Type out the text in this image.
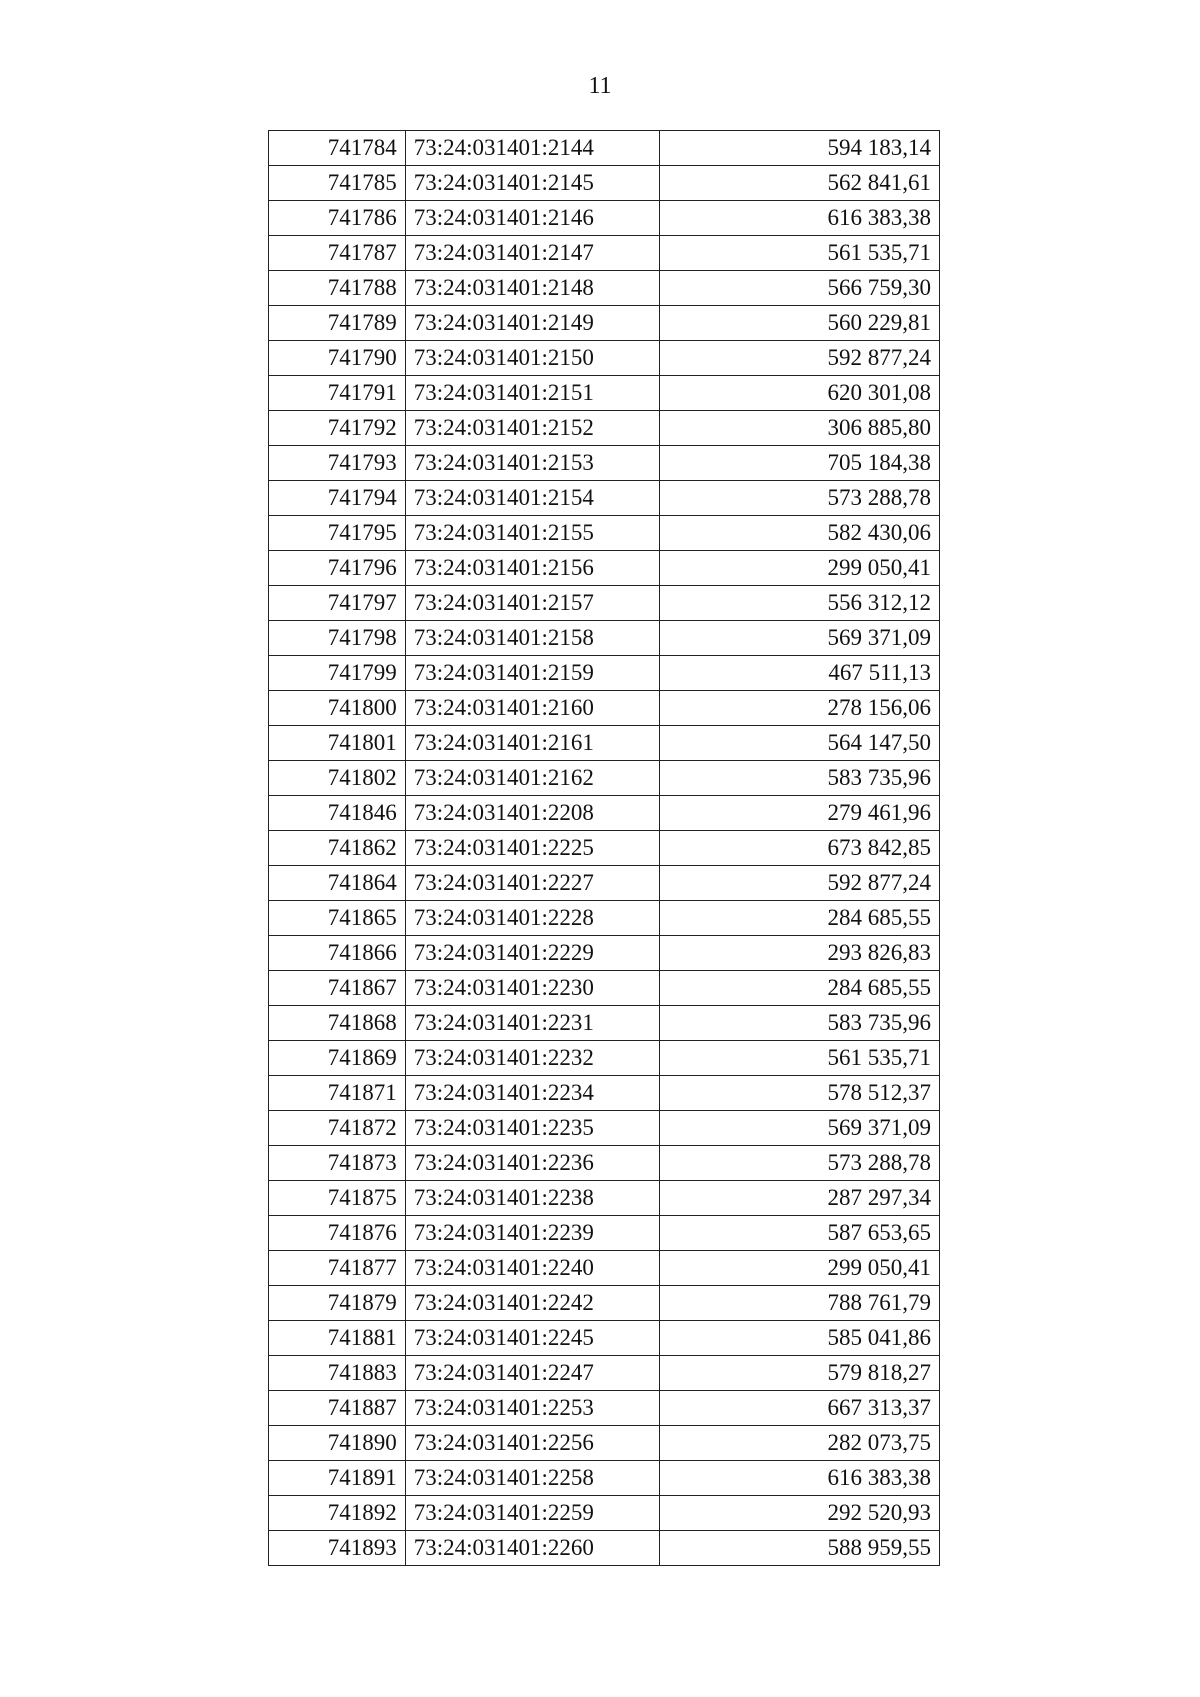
11
741784	73:24:031401:2144	594 183,14
741785	73:24:031401:2145	562 841,61
741786	73:24:031401:2146	616 383,38
741787	73:24:031401:2147	561 535,71
741788	73:24:031401:2148	566 759,30
741789	73:24:031401:2149	560 229,81
741790	73:24:031401:2150	592 877,24
741791	73:24:031401:2151	620 301,08
741792	73:24:031401:2152	306 885,80
741793	73:24:031401:2153	705 184,38
741794	73:24:031401:2154	573 288,78
741795	73:24:031401:2155	582 430,06
741796	73:24:031401:2156	299 050,41
741797	73:24:031401:2157	556 312,12
741798	73:24:031401:2158	569 371,09
741799	73:24:031401:2159	467 511,13
741800	73:24:031401:2160	278 156,06
741801	73:24:031401:2161	564 147,50
741802	73:24:031401:2162	583 735,96
741846	73:24:031401:2208	279 461,96
741862	73:24:031401:2225	673 842,85
741864	73:24:031401:2227	592 877,24
741865	73:24:031401:2228	284 685,55
741866	73:24:031401:2229	293 826,83
741867	73:24:031401:2230	284 685,55
741868	73:24:031401:2231	583 735,96
741869	73:24:031401:2232	561 535,71
741871	73:24:031401:2234	578 512,37
741872	73:24:031401:2235	569 371,09
741873	73:24:031401:2236	573 288,78
741875	73:24:031401:2238	287 297,34
741876	73:24:031401:2239	587 653,65
741877	73:24:031401:2240	299 050,41
741879	73:24:031401:2242	788 761,79
741881	73:24:031401:2245	585 041,86
741883	73:24:031401:2247	579 818,27
741887	73:24:031401:2253	667 313,37
741890	73:24:031401:2256	282 073,75
741891	73:24:031401:2258	616 383,38
741892	73:24:031401:2259	292 520,93
741893	73:24:031401:2260	588 959,55
